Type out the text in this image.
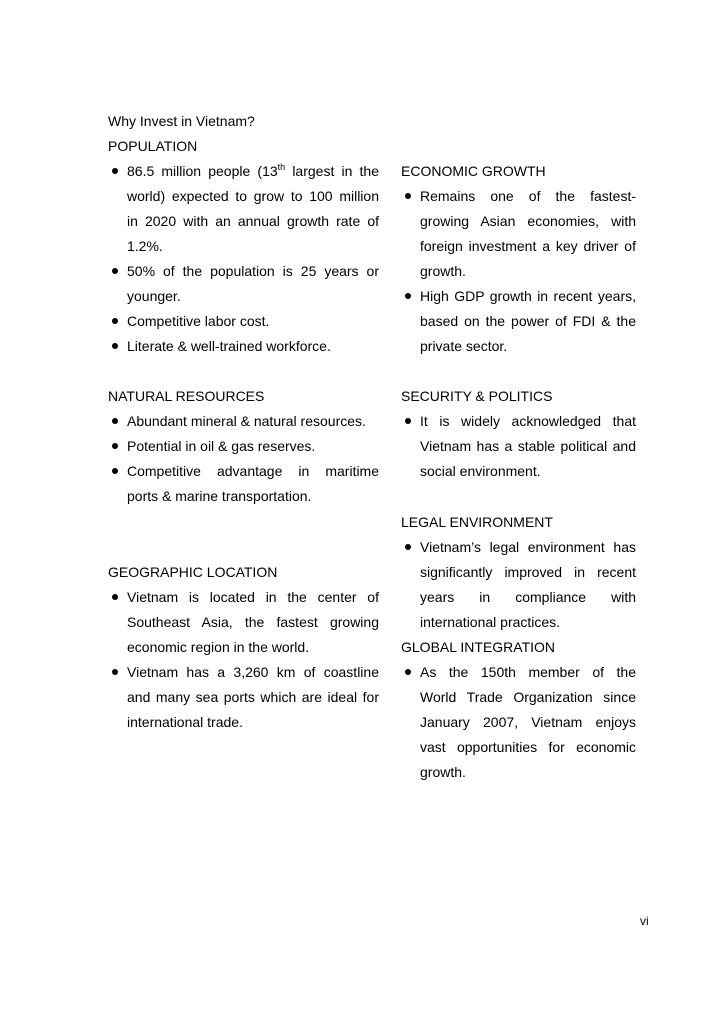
Why Invest in Vietnam?
POPULATION
86.5 million people (13th largest in the
world) expected to grow to 100 million
in 2020 with an annual growth rate of
1.2%.
50% of the population is 25 years or
younger.
Competitive labor cost.
Literate & well-trained workforce.
ECONOMIC GROWTH
Remains one of the fastest-
growing Asian economies, with
foreign investment a key driver of
growth.
High GDP growth in recent years,
based on the power of FDI & the
private sector.
NATURAL RESOURCES
Abundant mineral & natural resources.
Potential in oil & gas reserves.
Competitive advantage in maritime
ports & marine transportation.
SECURITY & POLITICS
It is widely acknowledged that
Vietnam has a stable political and
social environment.
LEGAL ENVIRONMENT
Vietnam’s legal environment has
significantly improved in recent
years in compliance with
international practices.
GEOGRAPHIC LOCATION
Vietnam is located in the center of
Southeast Asia, the fastest growing
economic region in the world.
Vietnam has a 3,260 km of coastline
and many sea ports which are ideal for
international trade.
GLOBAL INTEGRATION
As the 150th member of the
World Trade Organization since
January 2007, Vietnam enjoys
vast opportunities for economic
growth.
vi
